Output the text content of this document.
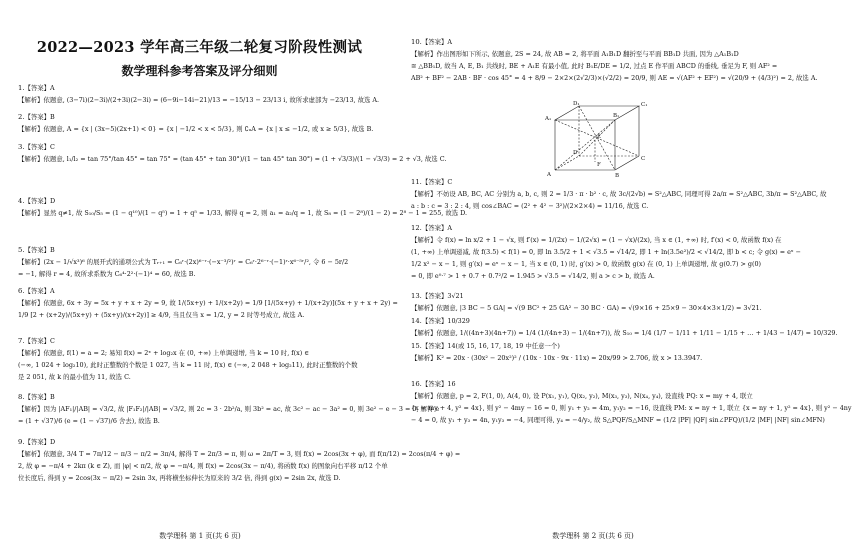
2022—2023 学年高三年级二轮复习阶段性测试
数学理科参考答案及评分细则
1.【答案】A
【解析】依题意, (3−7i)(2−3i)/(2+3i)(2−3i) = (6−9i−14i−21)/13 = −15/13 − 23/13 i, 故所求虚部为 −23/13, 故选 A.
2.【答案】B
【解析】依题意, A = {x | (3x−5)(2x+1) < 0} = {x | −1/2 < x < 5/3}, 则 ∁ᵤA = {x | x ≤ −1/2, 或 x ≥ 5/3}, 故选 B.
3.【答案】C
【解析】依题意, l₁/l₂ = tan 75°/tan 45° = tan 75° = (tan 45° + tan 30°)/(1 − tan 45° tan 30°) = (1 + √3/3)/(1 − √3/3) = 2 + √3, 故选 C.
4.【答案】D
【解析】显然 q≠1, 故 S₁₀/S₅ = (1 − q¹⁰)/(1 − q⁵) = 1 + q⁵ = 1/33, 解得 q = 2, 则 a₁ = a₂/q = 1, 故 S₈ = (1 − 2⁸)/(1 − 2) = 2⁸ − 1 = 255, 故选 D.
5.【答案】B
【解析】(2x − 1/√x³)⁶ 的展开式的通项公式为 Tᵣ₊₁ = C₆ʳ·(2x)⁶⁻ʳ·(−x⁻³/²)ʳ = C₆ʳ·2⁶⁻ʳ·(−1)ʳ·x⁶⁻⁵ʳ/², 令 6 − 5r/2
= −1, 解得 r = 4, 故所求系数为 C₆⁴·2²·(−1)⁴ = 60, 故选 B.
6.【答案】A
【解析】依题意, 6x + 3y = 5x + y + x + 2y = 9, 故 1/(5x+y) + 1/(x+2y) = 1/9 [1/(5x+y) + 1/(x+2y)](5x + y + x + 2y) =
1/9 [2 + (x+2y)/(5x+y) + (5x+y)/(x+2y)] ≥ 4/9, 当且仅当 x = 1/2, y = 2 时等号成立, 故选 A.
7.【答案】C
【解析】依题意, f(1) = a = 2; 易知 f(x) = 2ˣ + log₂x 在 (0, +∞) 上单调递增, 当 k = 10 时, f(x) ∈
(−∞, 1 024 + log₂10), 此时正整数的个数是 1 027, 当 k = 11 时, f(x) ∈ (−∞, 2 048 + log₂11), 此时正整数的个数
是 2 051, 故 k 的最小值为 11, 故选 C.
8.【答案】B
【解析】因为 |AF₁|/|AB| = √3/2, 故 |F₁F₂|/|AB| = √3/2, 则 2c = 3 · 2b²/a, 则 3b² = ac, 故 3c² − ac − 3a² = 0, 则 3e² − e − 3 = 0, 解得 e
= (1 + √37)/6 (e = (1 − √37)/6 舍去), 故选 B.
9.【答案】D
【解析】依题意, 3/4 T = 7π/12 − π/3 − π/2 = 3π/4, 解得 T = 2π/3 = π, 则 ω = 2π/T = 3, 则 f(x) = 2cos(3x + φ), 而 f(π/12) = 2cos(π/4 + φ) =
2, 故 φ = −π/4 + 2kπ (k ∈ Z), 而 |φ| < π/2, 故 φ = −π/4, 则 f(x) = 2cos(3x − π/4), 将函数 f(x) 的图象向右平移 π/12 个单
位长度后, 得到 y = 2cos(3x − π/2) = 2sin 3x, 再将横坐标伸长为原来的 3/2 倍, 得到 g(x) = 2sin 2x, 故选 D.
10.【答案】A
【解析】作出图形如下所示, 依题意, 2S = 24, 故 AB = 2, 将平面 A₁B₁D 翻折至与平面 BB₁D 共面, 因为 △A₁B₁D
≅ △BB₁D, 故当 A, E, B₁ 共线时, BE + A₁E 有最小值, 此时 B₁E/DE = 1/2, 过点 E 作平面 ABCD 的垂线, 垂足为 F, 则 AF² =
AB² + BF² − 2AB · BF · cos 45° = 4 + 8/9 − 2×2×(2√2/3)×(√2/2) = 20/9, 则 AE = √(AF² + EF²) = √(20/9 + (4/3)²) = 2, 故选 A.
11.【答案】C
【解析】不妨设 AB, BC, AC 分别为 a, b, c, 则 2 = 1/3 · π · b² · c, 故 3c/(2√b) = S²△ABC, 同理可得 2a/π = S²△ABC, 3b/π = S²△ABC, 故
a : b : c = 3 : 2 : 4, 则 cos∠BAC = (2² + 4² − 3²)/(2×2×4) = 11/16, 故选 C.
12.【答案】A
【解析】令 f(x) = ln x/2 + 1 − √x, 则 f′(x) = 1/(2x) − 1/(2√x) = (1 − √x)/(2x), 当 x ∈ (1, +∞) 时, f′(x) < 0, 故函数 f(x) 在
(1, +∞) 上单调递减, 故 f(3.5) < f(1) = 0, 即 ln 3.5/2 + 1 < √3.5 = √14/2, 即 1 + ln(3.5e²)/2 < √14/2, 即 b < c; 令 g(x) = eˣ −
1/2 x² − x − 1, 则 g′(x) = eˣ − x − 1, 当 x ∈ (0, 1) 时, g′(x) > 0, 故函数 g(x) 在 (0, 1) 上单调递增, 故 g(0.7) > g(0)
= 0, 即 e⁰·⁷ > 1 + 0.7 + 0.7²/2 = 1.945 > √3.5 = √14/2, 则 a > c > b, 故选 A.
13.【答案】3√21
【解析】依题意, |3 BC − 5 GA| = √(9 BC² + 25 GA² − 30 BC · GA) = √(9×16 + 25×9 − 30×4×3×1/2) = 3√21.
14.【答案】10/329
【解析】依题意, 1/((4n+3)(4n+7)) = 1/4 (1/(4n+3) − 1/(4n+7)), 故 S₁₀ = 1/4 (1/7 − 1/11 + 1/11 − 1/15 + … + 1/43 − 1/47) = 10/329.
15.【答案】14(或 15, 16, 17, 18, 19 中任意一个)
【解析】K² = 20x · (30x² − 20x²)² / (10x · 10x · 9x · 11x) = 20x/99 > 2.706, 故 x > 13.3947.
16.【答案】16
【解析】依题意, p = 2, F(1, 0), A(4, 0), 设 P(x₁, y₁), Q(x₂, y₂), M(x₃, y₃), N(x₄, y₄), 设直线 PQ: x = my + 4, 联立
{x = my + 4, y² = 4x}, 则 y² − 4my − 16 = 0, 则 y₁ + y₂ = 4m, y₁y₂ = −16, 设直线 PM: x = ny + 1, 联立 {x = ny + 1, y² = 4x}, 则 y² − 4ny
− 4 = 0, 故 y₁ + y₃ = 4n, y₁y₃ = −4, 同理可得, y₄ = −4/y₂, 故 S△PQF/S△MNF = (1/2 |PF| |QF| sin∠PFQ)/(1/2 |MF| |NF| sin∠MFN)
A₁	B₁
C₁
D₁
A	B
C
D
E
F
数学理科 第 1 页(共 6 页)	数学理科 第 2 页(共 6 页)
